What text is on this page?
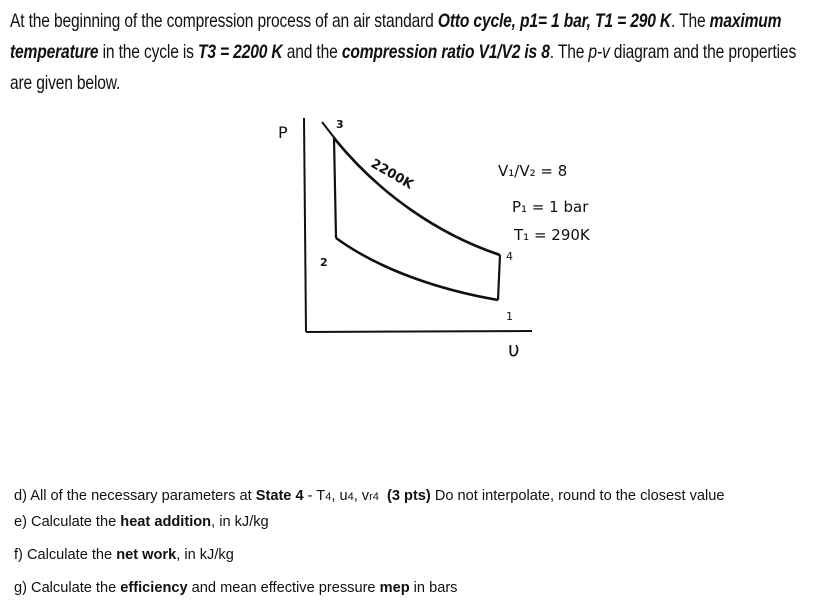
At the beginning of the compression process of an air standard Otto cycle, p1= 1 bar, T1 = 290 K. The maximum temperature in the cycle is T3 = 2200 K and the compression ratio V1/V2 is 8. The p-v diagram and the properties are given below.
P	3
2	4
1
2200K
υ
V₁/V₂ = 8
P₁ = 1 bar
T₁ = 290K
d) All of the necessary parameters at State 4 - T4, u4, vr4 (3 pts) Do not interpolate, round to the closest value
e) Calculate the heat addition, in kJ/kg
f) Calculate the net work, in kJ/kg
g) Calculate the efficiency and mean effective pressure mep in bars
